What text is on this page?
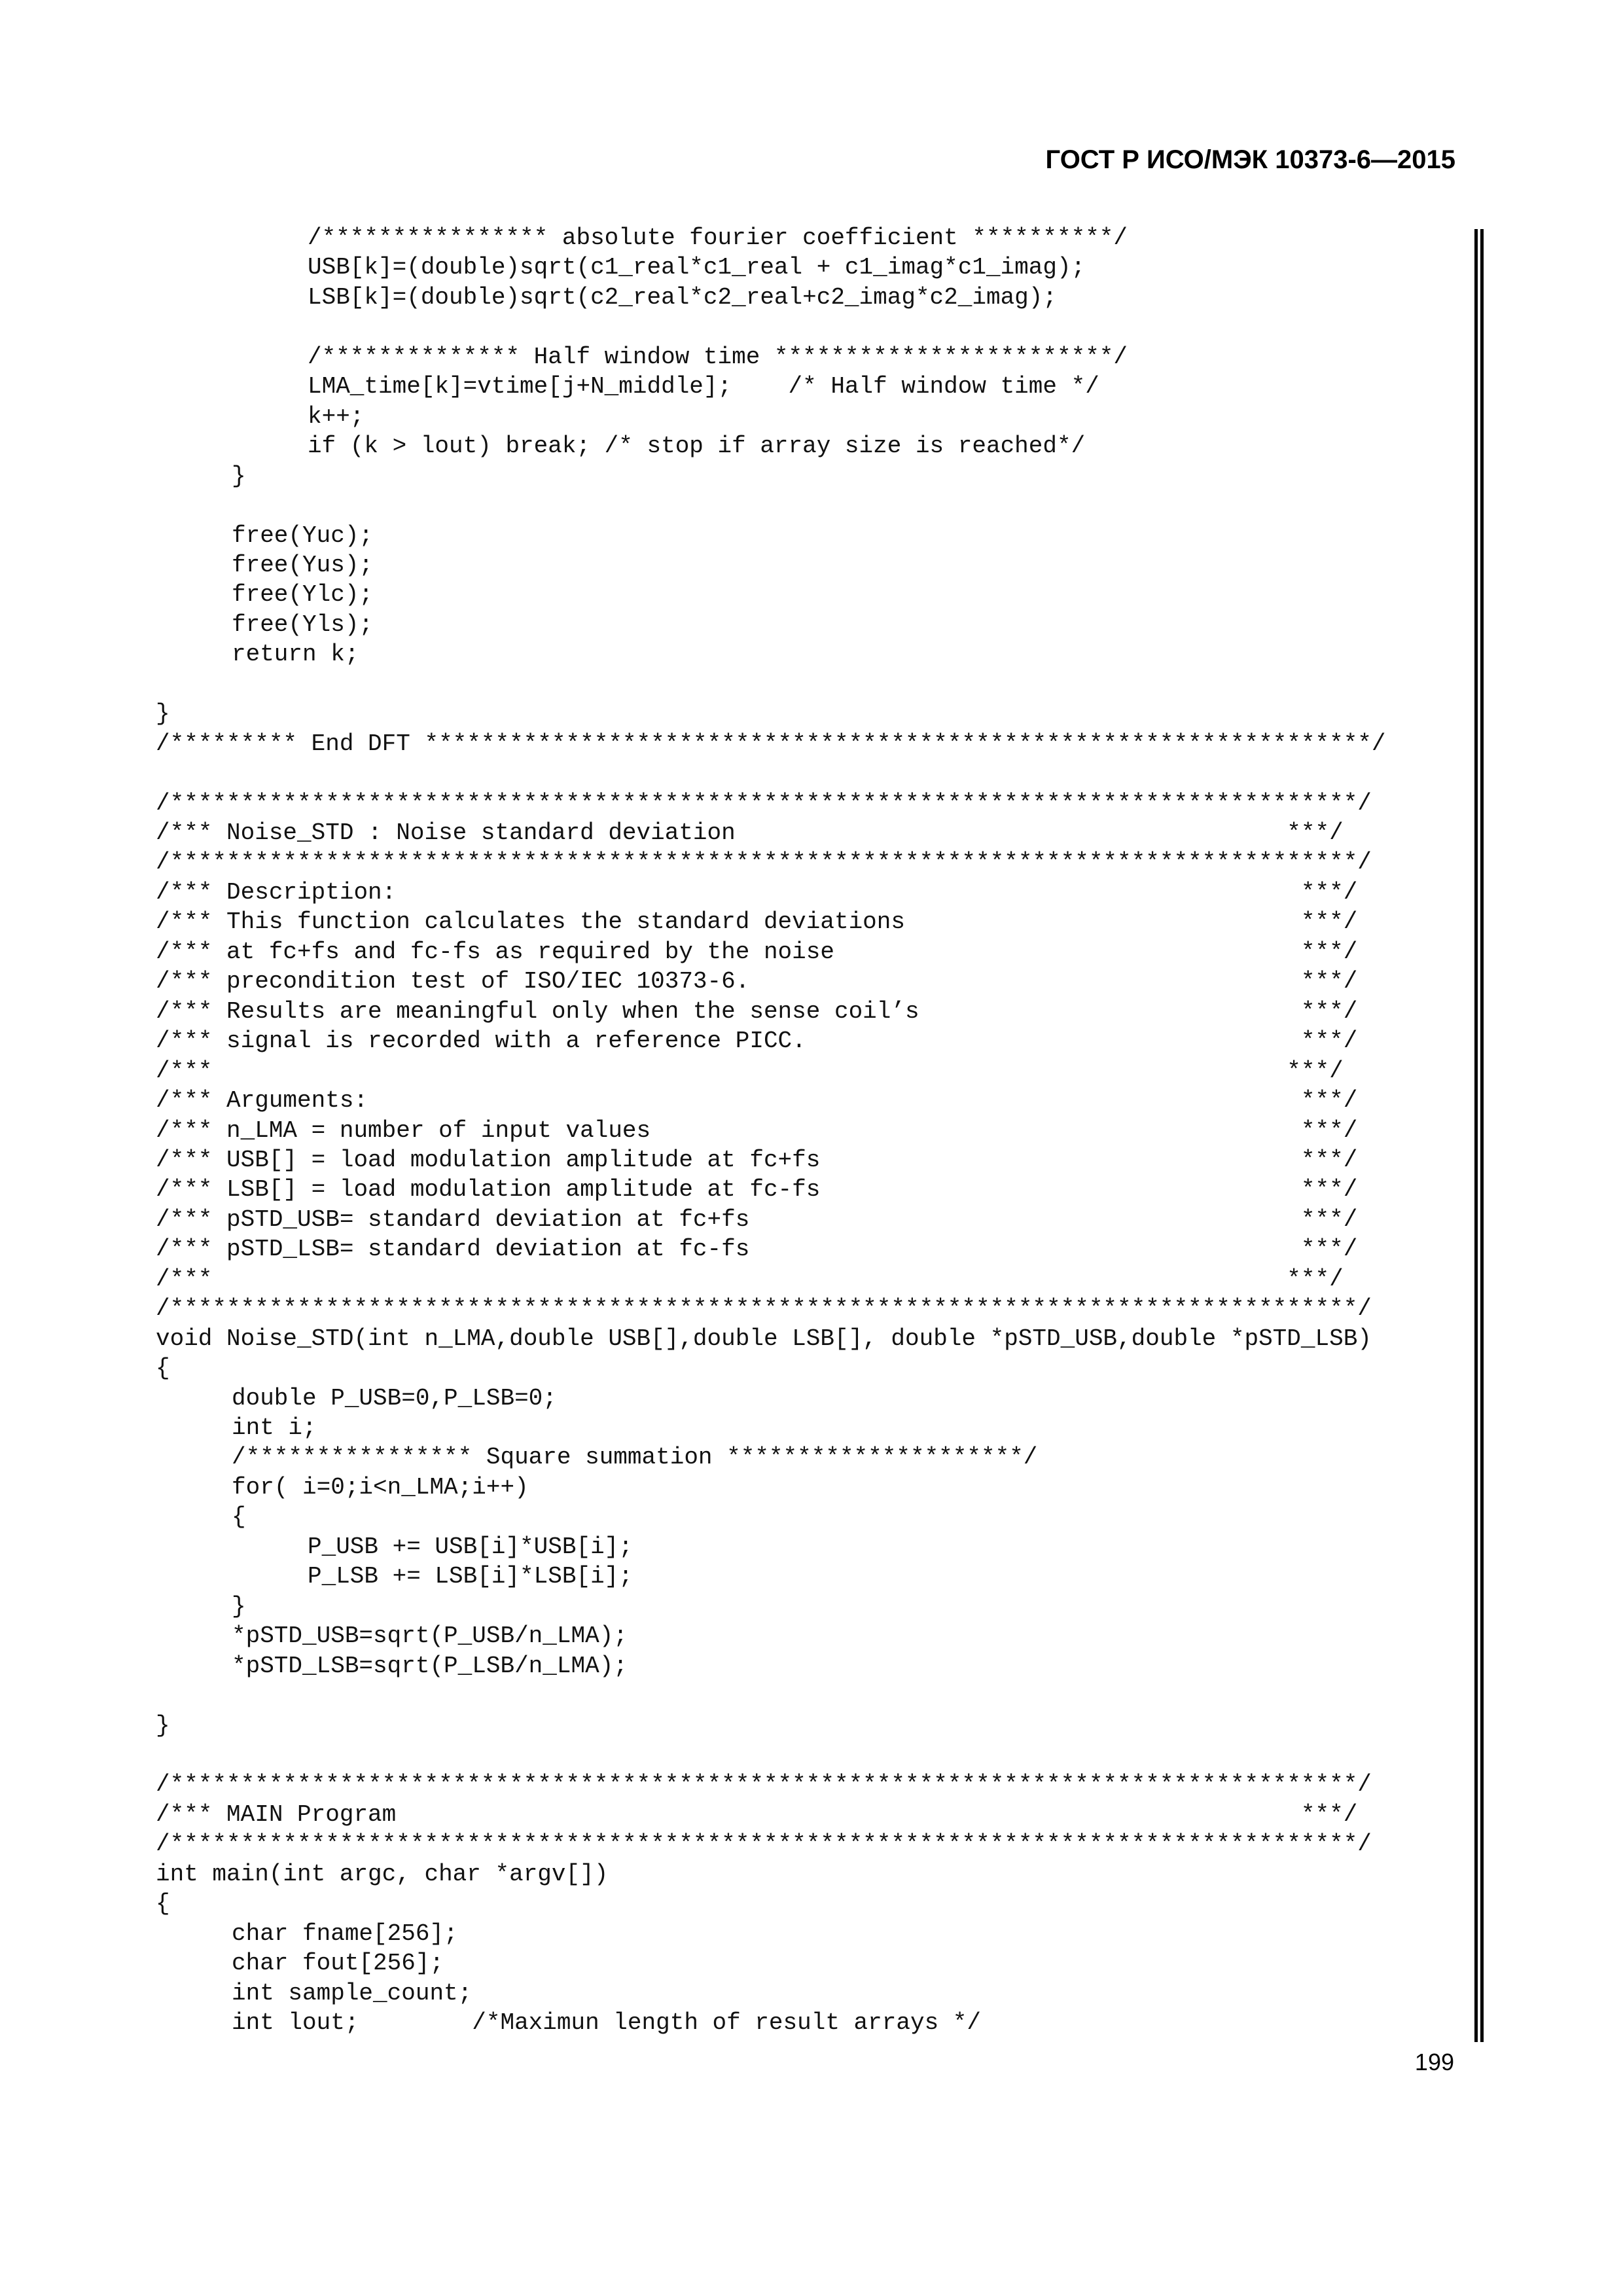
ГОСТ Р ИСО/МЭК 10373-6—2015
/**************** absolute fourier coefficient **********/
USB[k]=(double)sqrt(c1_real*c1_real + c1_imag*c1_imag);
LSB[k]=(double)sqrt(c2_real*c2_real+c2_imag*c2_imag);
/************** Half window time ************************/
LMA_time[k]=vtime[j+N_middle];    /* Half window time */
k++;
if (k > lout) break; /* stop if array size is reached*/
}
free(Yuc);
free(Yus);
free(Ylc);
free(Yls);
return k;
}
/********* End DFT *******************************************************************/
/************************************************************************************/
/*** Noise_STD : Noise standard deviation                                       ***/
/************************************************************************************/
/*** Description:                                                                ***/
/*** This function calculates the standard deviations                            ***/
/*** at fc+fs and fc-fs as required by the noise                                 ***/
/*** precondition test of ISO/IEC 10373-6.                                       ***/
/*** Results are meaningful only when the sense coil’s                           ***/
/*** signal is recorded with a reference PICC.                                   ***/
/***                                                                            ***/
/*** Arguments:                                                                  ***/
/*** n_LMA = number of input values                                              ***/
/*** USB[] = load modulation amplitude at fc+fs                                  ***/
/*** LSB[] = load modulation amplitude at fc-fs                                  ***/
/*** pSTD_USB= standard deviation at fc+fs                                       ***/
/*** pSTD_LSB= standard deviation at fc-fs                                       ***/
/***                                                                            ***/
/************************************************************************************/
void Noise_STD(int n_LMA,double USB[],double LSB[], double *pSTD_USB,double *pSTD_LSB)
{
double P_USB=0,P_LSB=0;
int i;
/**************** Square summation *********************/
for( i=0;i<n_LMA;i++)
{
P_USB += USB[i]*USB[i];
P_LSB += LSB[i]*LSB[i];
}
*pSTD_USB=sqrt(P_USB/n_LMA);
*pSTD_LSB=sqrt(P_LSB/n_LMA);
}
/************************************************************************************/
/*** MAIN Program                                                                ***/
/************************************************************************************/
int main(int argc, char *argv[])
{
char fname[256];
char fout[256];
int sample_count;
int lout;        /*Maximun length of result arrays */
199
